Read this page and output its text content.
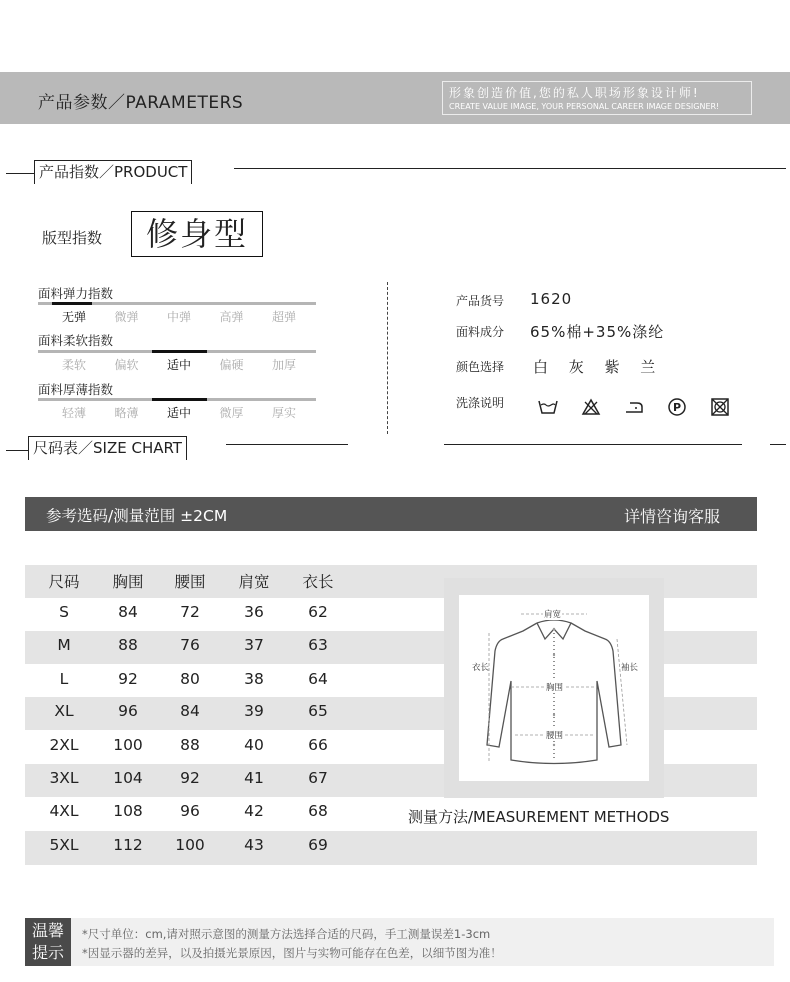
产品参数／PARAMETERS	形象创造价值,您的私人职场形象设计师!
CREATE VALUE IMAGE, YOUR PERSONAL CAREER IMAGE DESIGNER!
产品指数／PRODUCT
版型指数	修身型
面料弹力指数
无弹	微弹	中弹	高弹	超弹
面料柔软指数
柔软	偏软	适中	偏硬	加厚
面料厚薄指数
轻薄	略薄	适中	微厚	厚实
产品货号 1620
面料成分 65%棉+35%涤纶
颜色选择 白 灰 紫 兰
洗涤说明	P
尺码表／SIZE CHART
参考选码/测量范围 ±2CM	详情咨询客服
尺码	胸围	腰围	肩宽	衣长
S	84	72	36	62
M	88	76	37	63
L	92	80	38	64
XL	96	84	39	65
2XL	100	88	40	66
3XL	104	92	41	67
4XL	108	96	42	68
5XL	112	100	43	69
肩宽
衣长	袖长
胸围
腰围
测量方法/MEASUREMENT METHODS
温馨
提示
*尺寸单位：cm,请对照示意图的测量方法选择合适的尺码，手工测量误差1-3cm
*因显示器的差异，以及拍摄光景原因，图片与实物可能存在色差，以细节图为准！
